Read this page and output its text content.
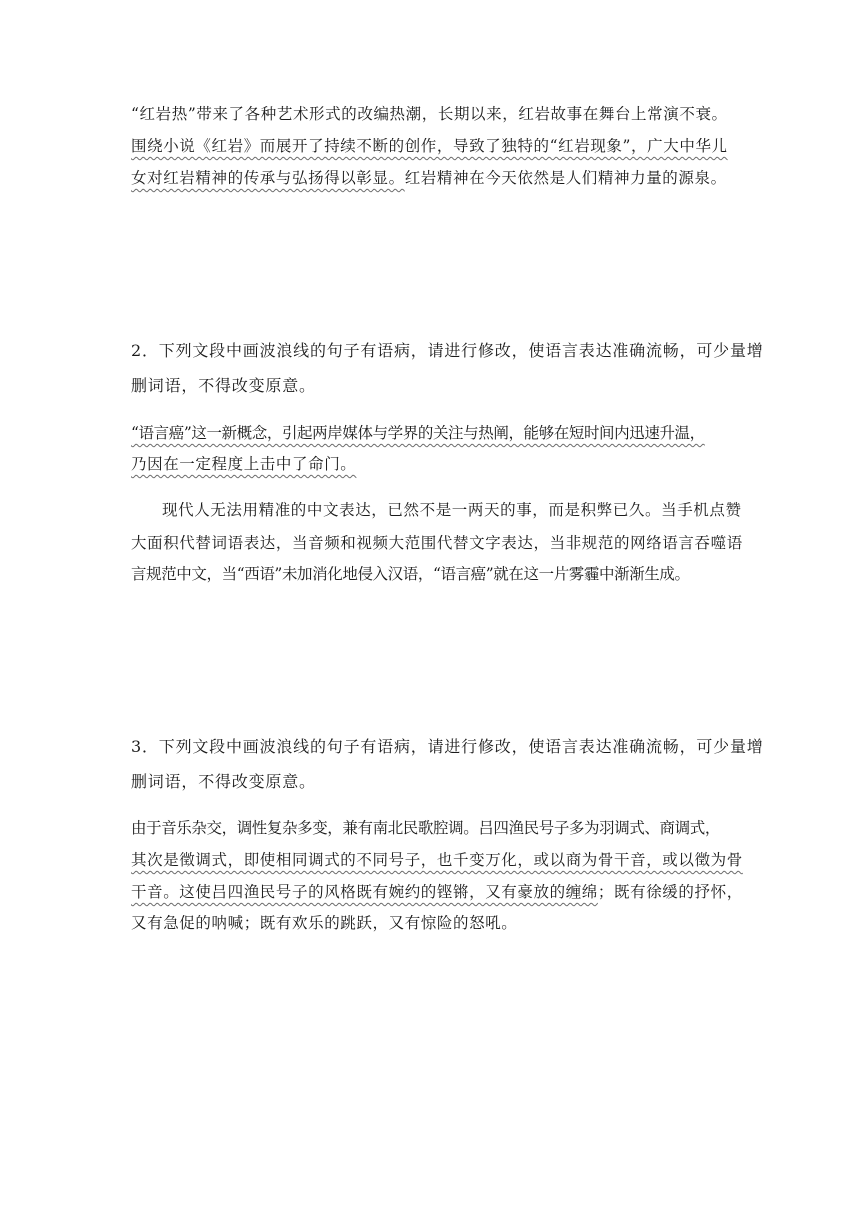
“红岩热”带来了各种艺术形式的改编热潮，长期以来，红岩故事在舞台上常演不衰。
围绕小说《红岩》而展开了持续不断的创作，导致了独特的“红岩现象”，广大中华儿
女对红岩精神的传承与弘扬得以彰显。红岩精神在今天依然是人们精神力量的源泉。
2．下列文段中画波浪线的句子有语病，请进行修改，使语言表达准确流畅，可少量增
删词语，不得改变原意。
“语言癌”这一新概念，引起两岸媒体与学界的关注与热阐，能够在短时间内迅速升温，
乃因在一定程度上击中了命门。
现代人无法用精准的中文表达，已然不是一两天的事，而是积弊已久。当手机点赞
大面积代替词语表达，当音频和视频大范围代替文字表达，当非规范的网络语言吞噬语
言规范中文，当“西语”未加消化地侵入汉语，“语言癌”就在这一片雾霾中渐渐生成。
3．下列文段中画波浪线的句子有语病，请进行修改，使语言表达准确流畅，可少量增
删词语，不得改变原意。
由于音乐杂交，调性复杂多变，兼有南北民歌腔调。吕四渔民号子多为羽调式、商调式，
其次是徵调式，即使相同调式的不同号子，也千变万化，或以商为骨干音，或以徵为骨
干音。这使吕四渔民号子的风格既有婉约的铿锵，又有豪放的缠绵；既有徐缓的抒怀，
又有急促的呐喊；既有欢乐的跳跃，又有惊险的怒吼。
